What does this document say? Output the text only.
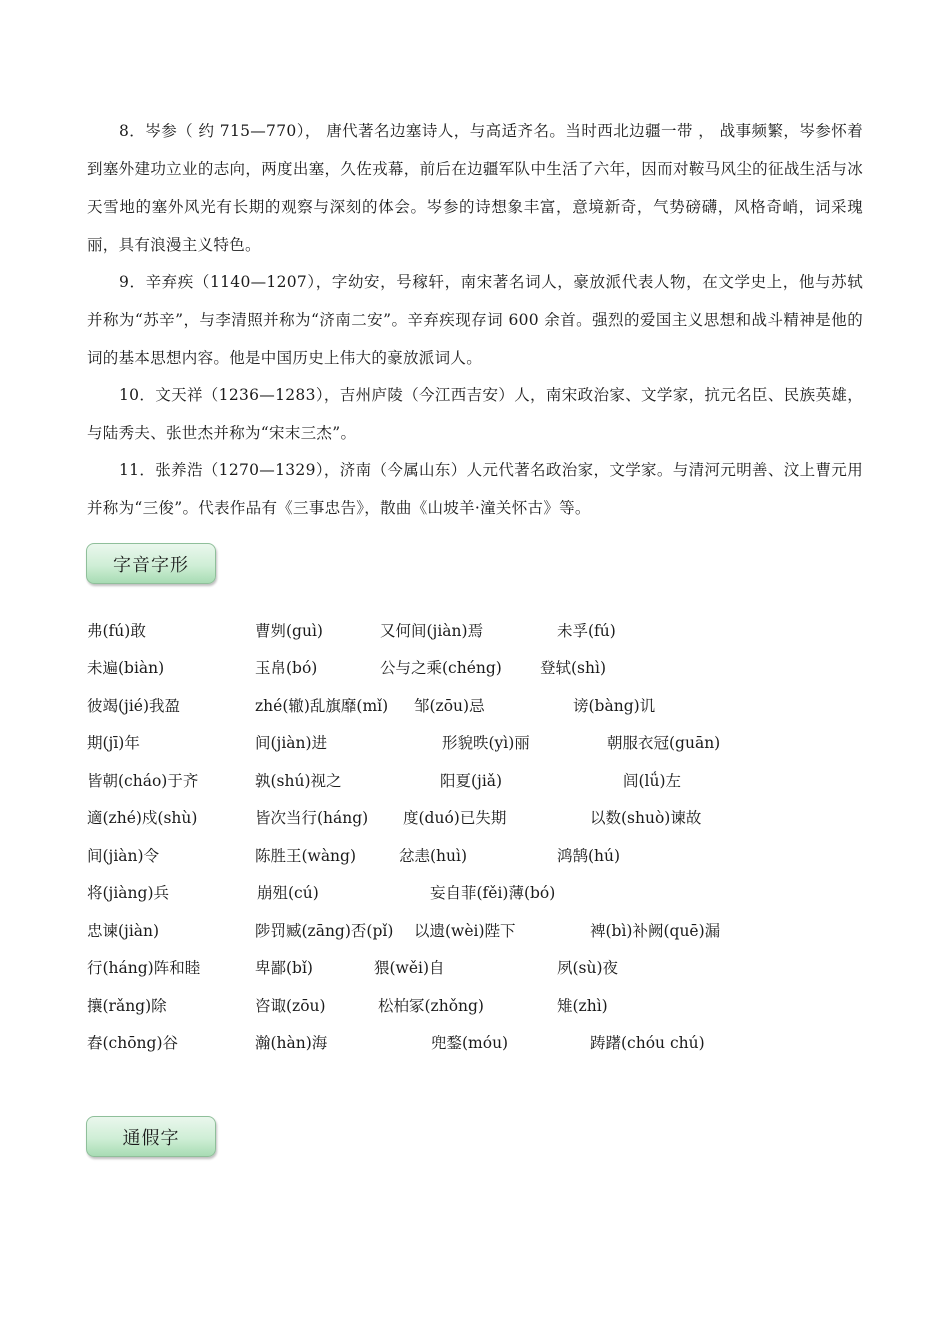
8．岑参（ 约 715—770）， 唐代著名边塞诗人，与高适齐名。当时西北边疆一带 ， 战事频繁，岑参怀着到塞外建功立业的志向，两度出塞，久佐戎幕，前后在边疆军队中生活了六年，因而对鞍马风尘的征战生活与冰天雪地的塞外风光有长期的观察与深刻的体会。岑参的诗想象丰富，意境新奇，气势磅礴，风格奇峭，词采瑰丽，具有浪漫主义特色。

9．辛弃疾（1140—1207），字幼安，号稼轩，南宋著名词人，豪放派代表人物，在文学史上，他与苏轼并称为“苏辛”，与李清照并称为“济南二安”。辛弃疾现存词 600 余首。强烈的爱国主义思想和战斗精神是他的词的基本思想内容。他是中国历史上伟大的豪放派词人。

10．文天祥（1236—1283），吉州庐陵（今江西吉安）人，南宋政治家、文学家，抗元名臣、民族英雄，与陆秀夫、张世杰并称为“宋末三杰”。

11．张养浩（1270—1329），济南（今属山东）人元代著名政治家，文学家。与清河元明善、汶上曹元用并称为“三俊”。代表作品有《三事忠告》，散曲《山坡羊·潼关怀古》等。

字音字形
弗(fú)敢	曹刿(guì)	又何间(jiàn)焉	未孚(fú)
未遍(biàn)	玉帛(bó)	公与之乘(chéng) 登轼(shì)
彼竭(jié)我盈	zhé(辙)乱旗靡(mǐ) 邹(zōu)忌	谤(bàng)讥
期(jī)年	间(jiàn)进	形貌昳(yì)丽	朝服衣冠(guān)
皆朝(cháo)于齐	孰(shú)视之	阳夏(jiǎ)	闾(lǘ)左
適(zhé)戍(shù)	皆次当行(háng) 度(duó)已失期	以数(shuò)谏故
间(jiàn)令	陈胜王(wàng)	忿恚(huì)	鸿鹄(hú)
将(jiàng)兵	崩殂(cú)	妄自菲(fěi)薄(bó)
忠谏(jiàn)	陟罚臧(zāng)否(pǐ) 以遗(wèi)陛下	裨(bì)补阙(quē)漏
行(háng)阵和睦	卑鄙(bǐ)	猥(wěi)自	夙(sù)夜
攘(rǎng)除	咨诹(zōu)	松柏冢(zhǒng)	雉(zhì)
舂(chōng)谷	瀚(hàn)海	兜鍪(móu)	踌躇(chóu chú)
通假字
